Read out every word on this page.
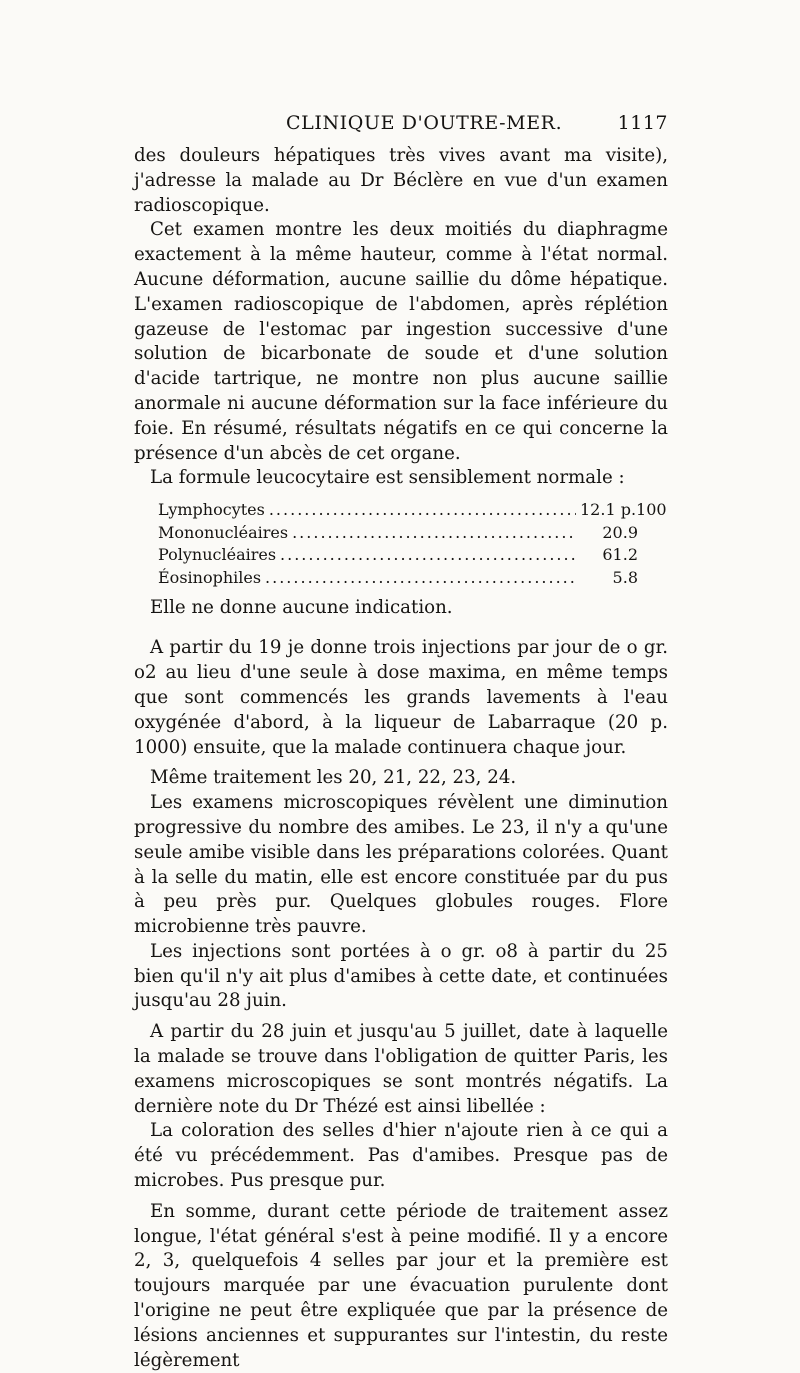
CLINIQUE D'OUTRE-MER.	1117

des douleurs hépatiques très vives avant ma visite), j'adresse la malade au Dr Béclère en vue d'un examen radioscopique.

Cet examen montre les deux moitiés du diaphragme exactement à la même hauteur, comme à l'état normal. Aucune déformation, aucune saillie du dôme hépatique. L'examen radioscopique de l'abdomen, après réplétion gazeuse de l'estomac par ingestion successive d'une solution de bicarbonate de soude et d'une solution d'acide tartrique, ne montre non plus aucune saillie anormale ni aucune déformation sur la face inférieure du foie. En résumé, résultats négatifs en ce qui concerne la présence d'un abcès de cet organe.

La formule leucocytaire est sensiblement normale :

Lymphocytes .....	12.1 p.100
Mononucléaires .....	20.9
Polynucléaires .....	61.2
Éosinophiles .....	5.8

Elle ne donne aucune indication.

A partir du 19 je donne trois injections par jour de o gr. o2 au lieu d'une seule à dose maxima, en même temps que sont commencés les grands lavements à l'eau oxygénée d'abord, à la liqueur de Labarraque (20 p. 1000) ensuite, que la malade continuera chaque jour.

Même traitement les 20, 21, 22, 23, 24.

Les examens microscopiques révèlent une diminution progressive du nombre des amibes. Le 23, il n'y a qu'une seule amibe visible dans les préparations colorées. Quant à la selle du matin, elle est encore constituée par du pus à peu près pur. Quelques globules rouges. Flore microbienne très pauvre.

Les injections sont portées à o gr. o8 à partir du 25 bien qu'il n'y ait plus d'amibes à cette date, et continuées jusqu'au 28 juin.

A partir du 28 juin et jusqu'au 5 juillet, date à laquelle la malade se trouve dans l'obligation de quitter Paris, les examens microscopiques se sont montrés négatifs. La dernière note du Dr Thézé est ainsi libellée :

La coloration des selles d'hier n'ajoute rien à ce qui a été vu précédemment. Pas d'amibes. Presque pas de microbes. Pus presque pur.

En somme, durant cette période de traitement assez longue, l'état général s'est à peine modifié. Il y a encore 2, 3, quelquefois 4 selles par jour et la première est toujours marquée par une évacuation purulente dont l'origine ne peut être expliquée que par la présence de lésions anciennes et suppurantes sur l'intestin, du reste légèrement
